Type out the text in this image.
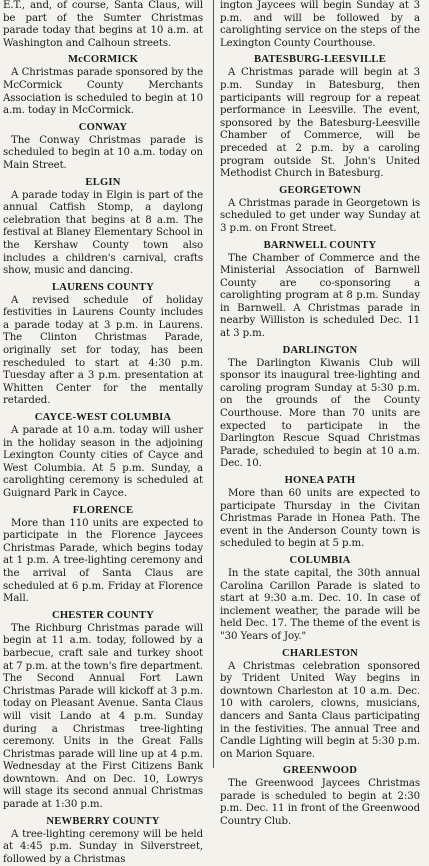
E.T., and, of course, Santa Claus, will be part of the Sumter Christmas parade today that begins at 10 a.m. at Washington and Calhoun streets.

McCORMICK

A Christmas parade sponsored by the McCormick County Merchants Association is scheduled to begin at 10 a.m. today in McCormick.

CONWAY

The Conway Christmas parade is scheduled to begin at 10 a.m. today on Main Street.

ELGIN

A parade today in Elgin is part of the annual Catfish Stomp, a daylong celebration that begins at 8 a.m. The festival at Blaney Elementary School in the Kershaw County town also includes a children's carnival, crafts show, music and dancing.

LAURENS COUNTY

A revised schedule of holiday festivities in Laurens County includes a parade today at 3 p.m. in Laurens. The Clinton Christmas Parade, originally set for today, has been rescheduled to start at 4:30 p.m. Tuesday after a 3 p.m. presentation at Whitten Center for the mentally retarded.

CAYCE-WEST COLUMBIA

A parade at 10 a.m. today will usher in the holiday season in the adjoining Lexington County cities of Cayce and West Columbia. At 5 p.m. Sunday, a carolighting ceremony is scheduled at Guignard Park in Cayce.

FLORENCE

More than 110 units are expected to participate in the Florence Jaycees Christmas Parade, which begins today at 1 p.m. A tree-lighting ceremony and the arrival of Santa Claus are scheduled at 6 p.m. Friday at Florence Mall.

CHESTER COUNTY

The Richburg Christmas parade will begin at 11 a.m. today, followed by a barbecue, craft sale and turkey shoot at 7 p.m. at the town's fire department. The Second Annual Fort Lawn Christmas Parade will kickoff at 3 p.m. today on Pleasant Avenue. Santa Claus will visit Lando at 4 p.m. Sunday during a Christmas tree-lighting ceremony. Units in the Great Falls Christmas parade will line up at 4 p.m. Wednesday at the First Citizens Bank downtown. And on Dec. 10, Lowrys will stage its second annual Christmas parade at 1:30 p.m.

NEWBERRY COUNTY

A tree-lighting ceremony will be held at 4:45 p.m. Sunday in Silverstreet, followed by a Christmas

ington Jaycees will begin Sunday at 3 p.m. and will be followed by a carolighting service on the steps of the Lexington County Courthouse.

BATESBURG-LEESVILLE

A Christmas parade will begin at 3 p.m. Sunday in Batesburg, then participants will regroup for a repeat performance in Leesville. The event, sponsored by the Batesburg-Leesville Chamber of Commerce, will be preceded at 2 p.m. by a caroling program outside St. John's United Methodist Church in Batesburg.

GEORGETOWN

A Christmas parade in Georgetown is scheduled to get under way Sunday at 3 p.m. on Front Street.

BARNWELL COUNTY

The Chamber of Commerce and the Ministerial Association of Barnwell County are co-sponsoring a carolighting program at 8 p.m. Sunday in Barnwell. A Christmas parade in nearby Williston is scheduled Dec. 11 at 3 p.m.

DARLINGTON

The Darlington Kiwanis Club will sponsor its inaugural tree-lighting and caroling program Sunday at 5:30 p.m. on the grounds of the County Courthouse. More than 70 units are expected to participate in the Darlington Rescue Squad Christmas Parade, scheduled to begin at 10 a.m. Dec. 10.

HONEA PATH

More than 60 units are expected to participate Thursday in the Civitan Christmas Parade in Honea Path. The event in the Anderson County town is scheduled to begin at 5 p.m.

COLUMBIA

In the state capital, the 30th annual Carolina Carillon Parade is slated to start at 9:30 a.m. Dec. 10. In case of inclement weather, the parade will be held Dec. 17. The theme of the event is "30 Years of Joy."

CHARLESTON

A Christmas celebration sponsored by Trident United Way begins in downtown Charleston at 10 a.m. Dec. 10 with carolers, clowns, musicians, dancers and Santa Claus participating in the festivities. The annual Tree and Candle Lighting will begin at 5:30 p.m. on Marion Square.

GREENWOOD

The Greenwood Jaycees Christmas parade is scheduled to begin at 2:30 p.m. Dec. 11 in front of the Greenwood Country Club.
